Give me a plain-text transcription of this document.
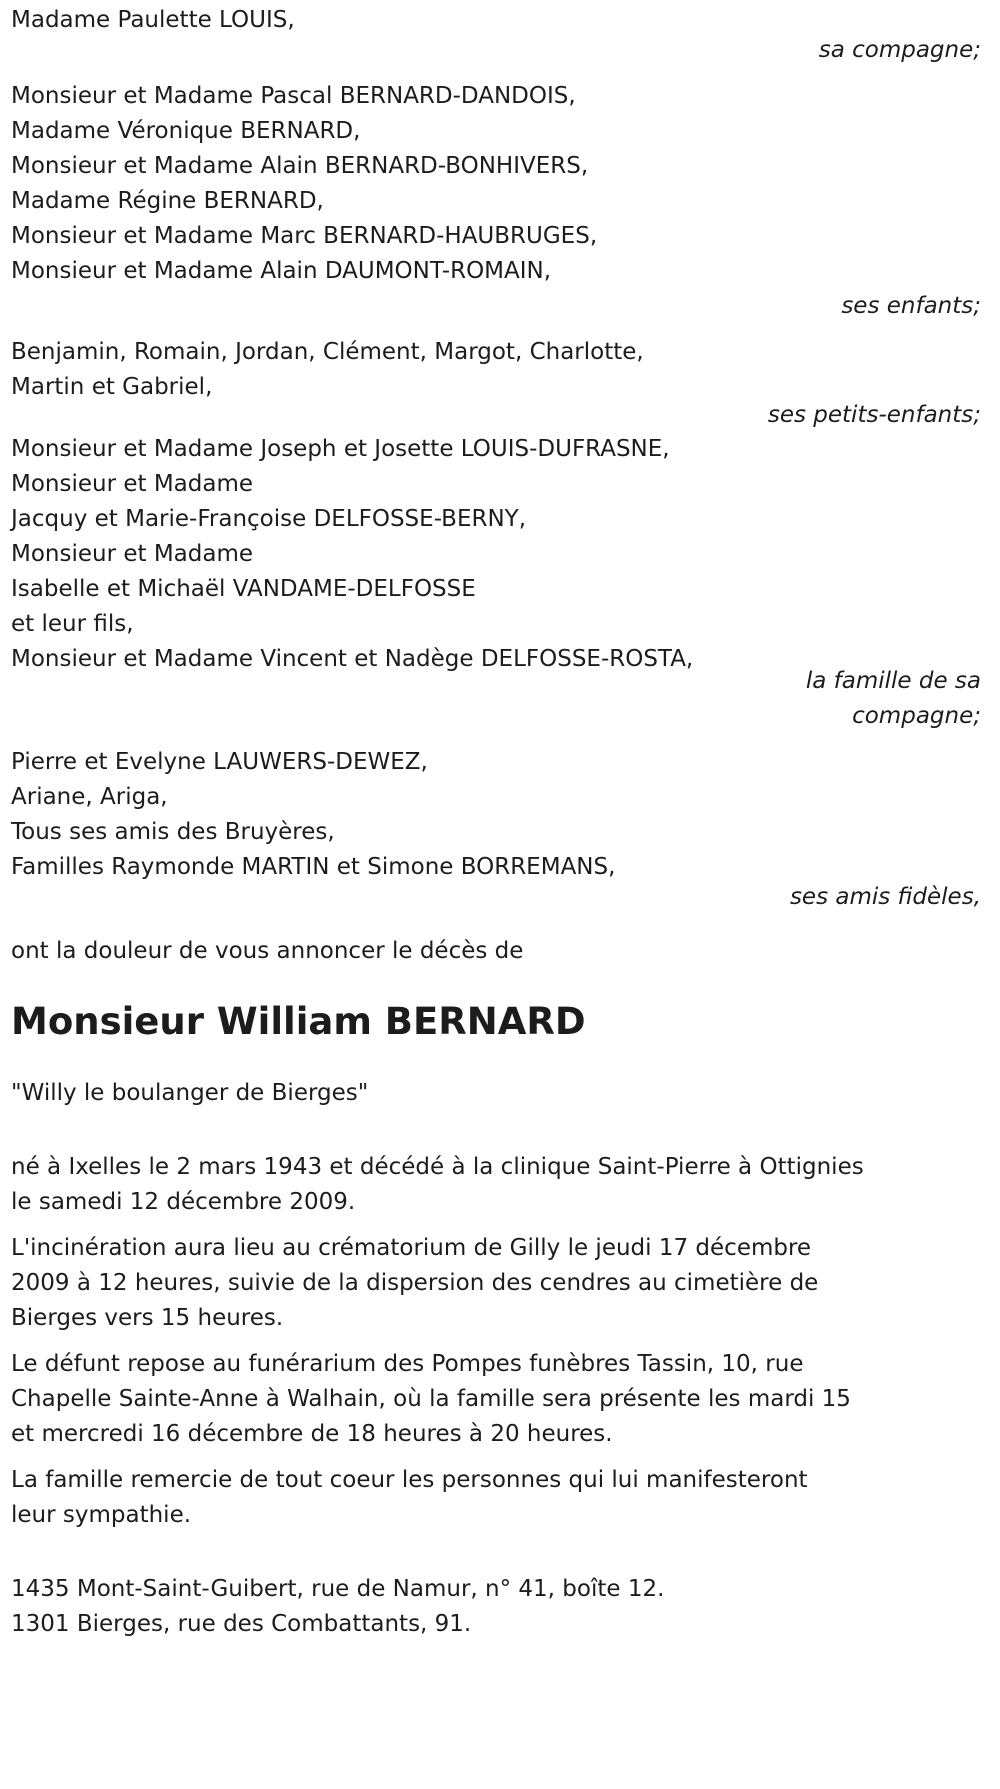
Madame Paulette LOUIS,

sa compagne;

Monsieur et Madame Pascal BERNARD-DANDOIS,

Madame Véronique BERNARD,

Monsieur et Madame Alain BERNARD-BONHIVERS,

Madame Régine BERNARD,

Monsieur et Madame Marc BERNARD-HAUBRUGES,

Monsieur et Madame Alain DAUMONT-ROMAIN,

ses enfants;

Benjamin, Romain, Jordan, Clément, Margot, Charlotte,

Martin et Gabriel,

ses petits-enfants;

Monsieur et Madame Joseph et Josette LOUIS-DUFRASNE,

Monsieur et Madame

Jacquy et Marie-Françoise DELFOSSE-BERNY,

Monsieur et Madame

Isabelle et Michaël VANDAME-DELFOSSE

et leur fils,

Monsieur et Madame Vincent et Nadège DELFOSSE-ROSTA,

la famille de sa

compagne;

Pierre et Evelyne LAUWERS-DEWEZ,

Ariane, Ariga,

Tous ses amis des Bruyères,

Familles Raymonde MARTIN et Simone BORREMANS,

ses amis fidèles,

ont la douleur de vous annoncer le décès de

Monsieur William BERNARD

"Willy le boulanger de Bierges"

né à Ixelles le 2 mars 1943 et décédé à la clinique Saint-Pierre à Ottignies

le samedi 12 décembre 2009.

L'incinération aura lieu au crématorium de Gilly le jeudi 17 décembre

2009 à 12 heures, suivie de la dispersion des cendres au cimetière de

Bierges vers 15 heures.

Le défunt repose au funérarium des Pompes funèbres Tassin, 10, rue

Chapelle Sainte-Anne à Walhain, où la famille sera présente les mardi 15

et mercredi 16 décembre de 18 heures à 20 heures.

La famille remercie de tout coeur les personnes qui lui manifesteront

leur sympathie.

1435 Mont-Saint-Guibert, rue de Namur, n° 41, boîte 12.

1301 Bierges, rue des Combattants, 91.
